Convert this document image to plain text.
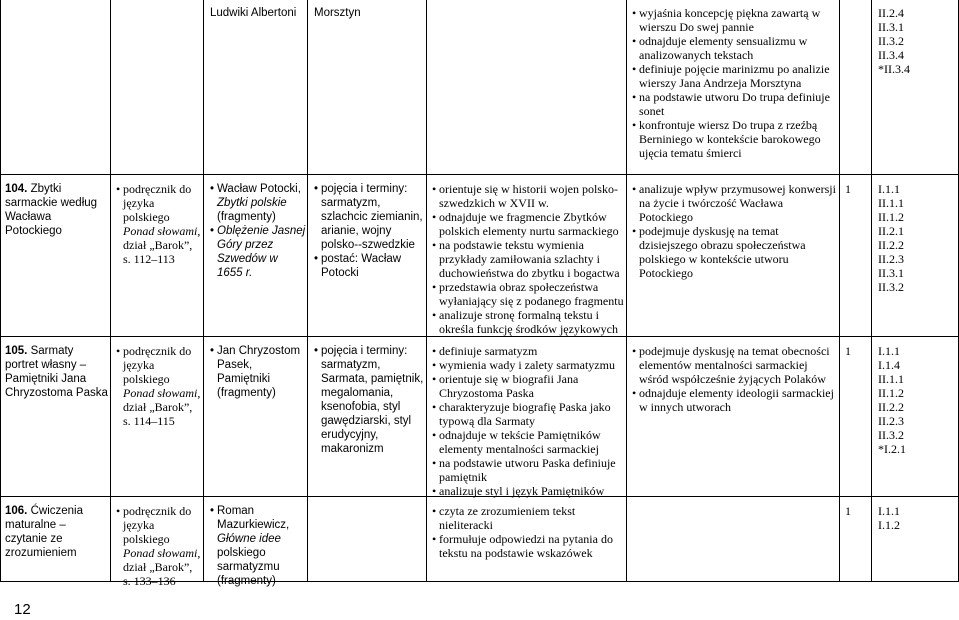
Ludwiki Albertoni Morsztyn
•	wyjaśnia koncepcję piękna zawartą w wierszu Do swej pannie
• odnajduje elementy sensualizmu w analizowanych tekstach
• definiuje pojęcie marinizmu po analizie wierszy Jana Andrzeja Morsztyna
• na podstawie utworu Do trupa definiuje sonet
• konfrontuje wiersz Do trupa z rzeźbą Berniniego w kontekście barokowego ujęcia tematu śmierci
II.2.4
II.3.1
II.3.2
II.3.4
*II.3.4
104. Zbytki sarmackie według Wacława Potockiego
• podręcznik do języka polskiego Ponad słowami, dział „Barok”, s. 112–113
• Wacław Potocki, Zbytki polskie (fragmenty)
• Oblężenie Jasnej Góry przez Szwedów w 1655 r.
• pojęcia i terminy: sarmatyzm, szlachcic ziemianin, arianie, wojny polsko--szwedzkie
• postać: Wacław Potocki
• orientuje się w historii wojen polsko-szwedzkich w XVII w.
• odnajduje we fragmencie Zbytków polskich elementy nurtu sarmackiego
• na podstawie tekstu wymienia przykłady zamiłowania szlachty i duchowieństwa do zbytku i bogactwa
• przedstawia obraz społeczeństwa wyłaniający się z podanego fragmentu
• analizuje stronę formalną tekstu i określa funkcję środków językowych
• analizuje wpływ przymusowej konwersji na życie i twórczość Wacława Potockiego
• podejmuje dyskusję na temat dzisiejszego obrazu społeczeństwa polskiego w kontekście utworu Potockiego
1 I.1.1
II.1.1
II.1.2
II.2.1
II.2.2
II.2.3
II.3.1
II.3.2
105. Sarmaty portret własny – Pamiętniki Jana Chryzostoma Paska
• podręcznik do języka polskiego Ponad słowami, dział „Barok”, s. 114–115
• Jan Chryzostom Pasek, Pamiętniki (fragmenty)
• pojęcia i terminy: sarmatyzm, Sarmata, pamiętnik, megalomania, ksenofobia, styl gawędziarski, styl erudycyjny, makaronizm
• definiuje sarmatyzm
• wymienia wady i zalety sarmatyzmu
• orientuje się w biografii Jana Chryzostoma Paska
• charakteryzuje biografię Paska jako typową dla Sarmaty
• odnajduje w tekście Pamiętników elementy mentalności sarmackiej
• na podstawie utworu Paska definiuje pamiętnik
• analizuje styl i język Pamiętników
• podejmuje dyskusję na temat obecności elementów mentalności sarmackiej wśród współcześnie żyjących Polaków
• odnajduje elementy ideologii sarmackiej w innych utworach
1 I.1.1
I.1.4
II.1.1
II.1.2
II.2.2
II.2.3
II.3.2
*I.2.1
106. Ćwiczenia maturalne – czytanie ze zrozumieniem
• podręcznik do języka polskiego Ponad słowami, dział „Barok”, s. 133–136
• Roman Mazurkiewicz, Główne idee polskiego sarmatyzmu (fragmenty)
• czyta ze zrozumieniem tekst nieliteracki
• formułuje odpowiedzi na pytania do tekstu na podstawie wskazówek
1 I.1.1
I.1.2
12
